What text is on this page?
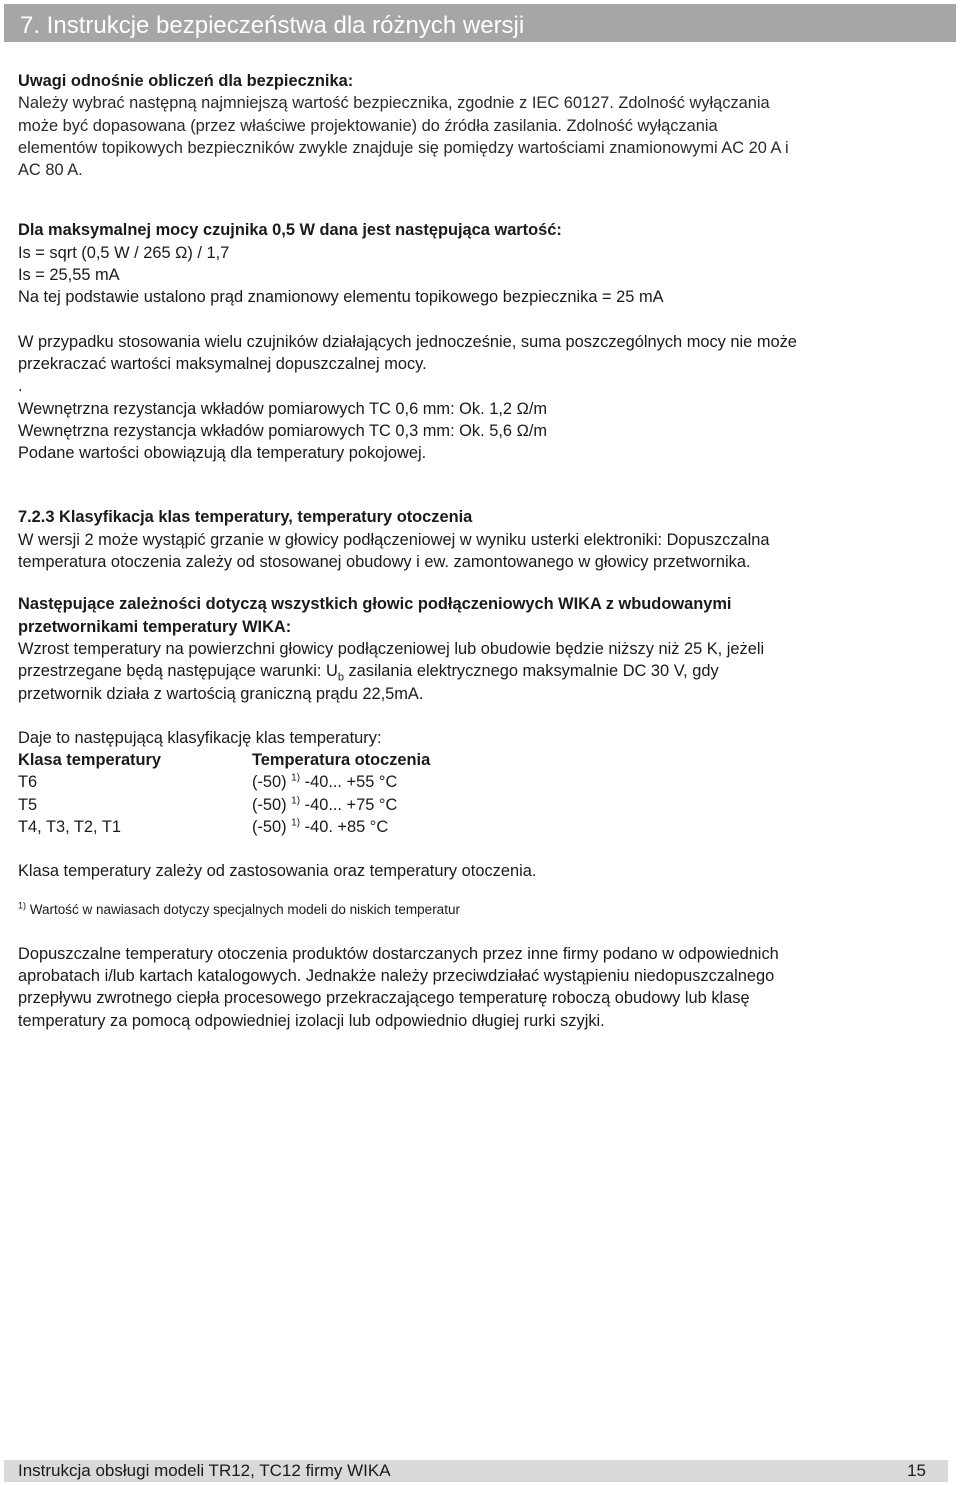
7. Instrukcje bezpieczeństwa dla różnych wersji

Uwagi odnośnie obliczeń dla bezpiecznika:

Należy wybrać następną najmniejszą wartość bezpiecznika, zgodnie z IEC 60127. Zdolność wyłączania

może być dopasowana (przez właściwe projektowanie) do źródła zasilania. Zdolność wyłączania

elementów topikowych bezpieczników zwykle znajduje się pomiędzy wartościami znamionowymi AC 20 A i

AC 80 A.

Dla maksymalnej mocy czujnika 0,5 W dana jest następująca wartość:

Is = sqrt (0,5 W / 265 Ω) / 1,7

Is = 25,55 mA

Na tej podstawie ustalono prąd znamionowy elementu topikowego bezpiecznika = 25 mA

W przypadku stosowania wielu czujników działających jednocześnie, suma poszczególnych mocy nie może

przekraczać wartości maksymalnej dopuszczalnej mocy.

.

Wewnętrzna rezystancja wkładów pomiarowych TC 0,6 mm: Ok. 1,2 Ω/m

Wewnętrzna rezystancja wkładów pomiarowych TC 0,3 mm: Ok. 5,6 Ω/m

Podane wartości obowiązują dla temperatury pokojowej.

7.2.3 Klasyfikacja klas temperatury, temperatury otoczenia

W wersji 2 może wystąpić grzanie w głowicy podłączeniowej w wyniku usterki elektroniki: Dopuszczalna

temperatura otoczenia zależy od stosowanej obudowy i ew. zamontowanego w głowicy przetwornika.

Następujące zależności dotyczą wszystkich głowic podłączeniowych WIKA z wbudowanymi

przetwornikami temperatury WIKA:

Wzrost temperatury na powierzchni głowicy podłączeniowej lub obudowie będzie niższy niż 25 K, jeżeli

przestrzegane będą następujące warunki: $U_b$ zasilania elektrycznego maksymalnie DC 30 V, gdy

przetwornik działa z wartością graniczną prądu 22,5mA.

Daje to następującą klasyfikację klas temperatury:

Klasa temperatury	Temperatura otoczenia
T6	(-50) $^{1)}$ -40... +55 °C
T5	(-50) $^{1)}$ -40... +75 °C
T4, T3, T2, T1	(-50) $^{1)}$ -40. +85 °C

Klasa temperatury zależy od zastosowania oraz temperatury otoczenia.

$^{1)}$ Wartość w nawiasach dotyczy specjalnych modeli do niskich temperatur

Dopuszczalne temperatury otoczenia produktów dostarczanych przez inne firmy podano w odpowiednich

aprobatach i/lub kartach katalogowych. Jednakże należy przeciwdziałać wystąpieniu niedopuszczalnego

przepływu zwrotnego ciepła procesowego przekraczającego temperaturę roboczą obudowy lub klasę

temperatury za pomocą odpowiedniej izolacji lub odpowiednio długiej rurki szyjki.

Instrukcja obsługi modeli TR12, TC12 firmy WIKA	15
